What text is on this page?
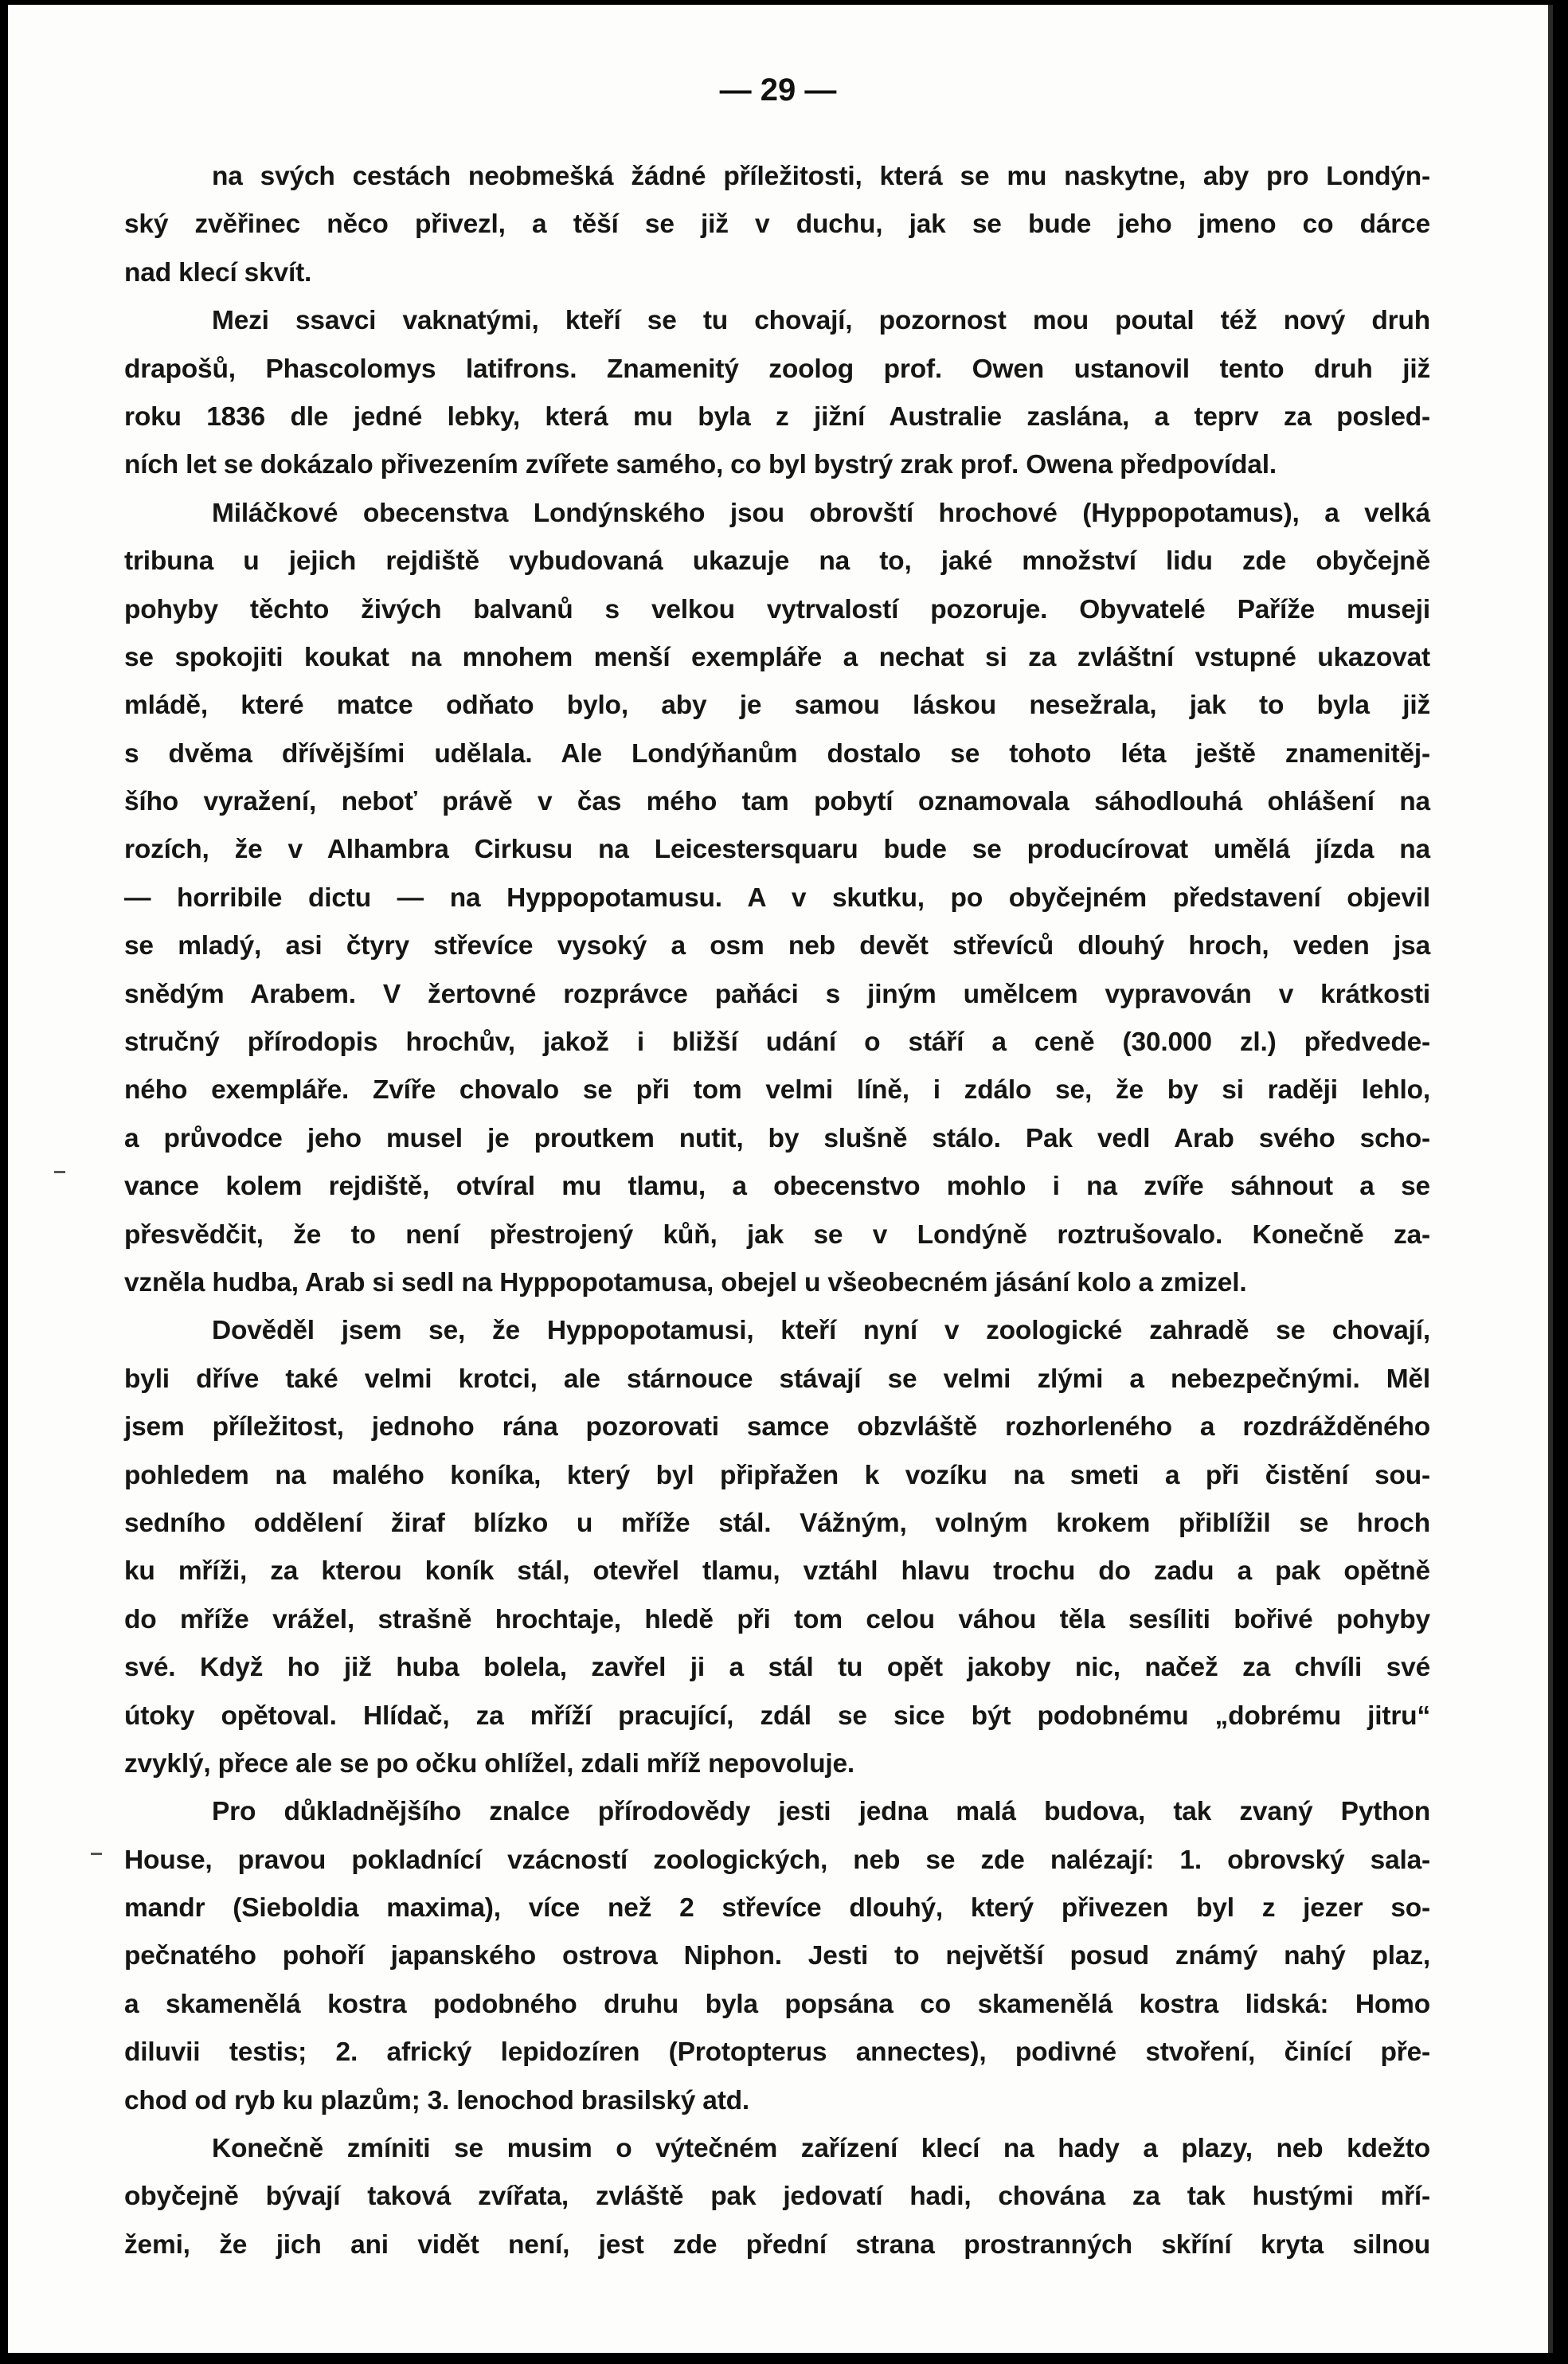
— 29 —
na svých cestách neobmešká žádné příležitosti, která se mu naskytne, aby pro Londýn-
ský zvěřinec něco přivezl, a těší se již v duchu, jak se bude jeho jmeno co dárce
nad klecí skvít.
Mezi ssavci vaknatými, kteří se tu chovají, pozornost mou poutal též nový druh
drapošů, Phascolomys latifrons. Znamenitý zoolog prof. Owen ustanovil tento druh již
roku 1836 dle jedné lebky, která mu byla z jižní Australie zaslána, a teprv za posled-
ních let se dokázalo přivezením zvířete samého, co byl bystrý zrak prof. Owena předpovídal.
Miláčkové obecenstva Londýnského jsou obrovští hrochové (Hyppopotamus), a velká
tribuna u jejich rejdiště vybudovaná ukazuje na to, jaké množství lidu zde obyčejně
pohyby těchto živých balvanů s velkou vytrvalostí pozoruje. Obyvatelé Paříže museji
se spokojiti koukat na mnohem menší exempláře a nechat si za zvláštní vstupné ukazovat
mládě, které matce odňato bylo, aby je samou láskou nesežrala, jak to byla již
s dvěma dřívějšími udělala. Ale Londýňanům dostalo se tohoto léta ještě znamenitěj-
šího vyražení, neboť právě v čas mého tam pobytí oznamovala sáhodlouhá ohlášení na
rozích, že v Alhambra Cirkusu na Leicestersquaru bude se producírovat umělá jízda na
— horribile dictu — na Hyppopotamusu. A v skutku, po obyčejném představení objevil
se mladý, asi čtyry střevíce vysoký a osm neb devět střevíců dlouhý hroch, veden jsa
snědým Arabem. V žertovné rozprávce paňáci s jiným umělcem vypravován v krátkosti
stručný přírodopis hrochův, jakož i bližší udání o stáří a ceně (30.000 zl.) předvede-
ného exempláře. Zvíře chovalo se při tom velmi líně, i zdálo se, že by si raději lehlo,
a průvodce jeho musel je proutkem nutit, by slušně stálo. Pak vedl Arab svého scho-
vance kolem rejdiště, otvíral mu tlamu, a obecenstvo mohlo i na zvíře sáhnout a se
přesvědčit, že to není přestrojený kůň, jak se v Londýně roztrušovalo. Konečně za-
vzněla hudba, Arab si sedl na Hyppopotamusa, obejel u všeobecném jásání kolo a zmizel.
Dověděl jsem se, že Hyppopotamusi, kteří nyní v zoologické zahradě se chovají,
byli dříve také velmi krotci, ale stárnouce stávají se velmi zlými a nebezpečnými. Měl
jsem příležitost, jednoho rána pozorovati samce obzvláště rozhorleného a rozdrážděného
pohledem na malého koníka, který byl připřažen k vozíku na smeti a při čistění sou-
sedního oddělení žiraf blízko u mříže stál. Vážným, volným krokem přiblížil se hroch
ku mříži, za kterou koník stál, otevřel tlamu, vztáhl hlavu trochu do zadu a pak opětně
do mříže vrážel, strašně hrochtaje, hledě při tom celou váhou těla sesíliti bořivé pohyby
své. Když ho již huba bolela, zavřel ji a stál tu opět jakoby nic, načež za chvíli své
útoky opětoval. Hlídač, za mříží pracující, zdál se sice být podobnému „dobrému jitru“
zvyklý, přece ale se po očku ohlížel, zdali mříž nepovoluje.
Pro důkladnějšího znalce přírodovědy jesti jedna malá budova, tak zvaný Python
House, pravou pokladnící vzácností zoologických, neb se zde nalézají: 1. obrovský sala-
mandr (Sieboldia maxima), více než 2 střevíce dlouhý, který přivezen byl z jezer so-
pečnatého pohoří japanského ostrova Niphon. Jesti to největší posud známý nahý plaz,
a skamenělá kostra podobného druhu byla popsána co skamenělá kostra lidská: Homo
diluvii testis; 2. africký lepidozíren (Protopterus annectes), podivné stvoření, činící pře-
chod od ryb ku plazům; 3. lenochod brasilský atd.
Konečně zmíniti se musim o výtečném zařízení klecí na hady a plazy, neb kdežto
obyčejně bývají taková zvířata, zvláště pak jedovatí hadi, chována za tak hustými mří-
žemi, že jich ani vidět není, jest zde přední strana prostranných skříní kryta silnou
